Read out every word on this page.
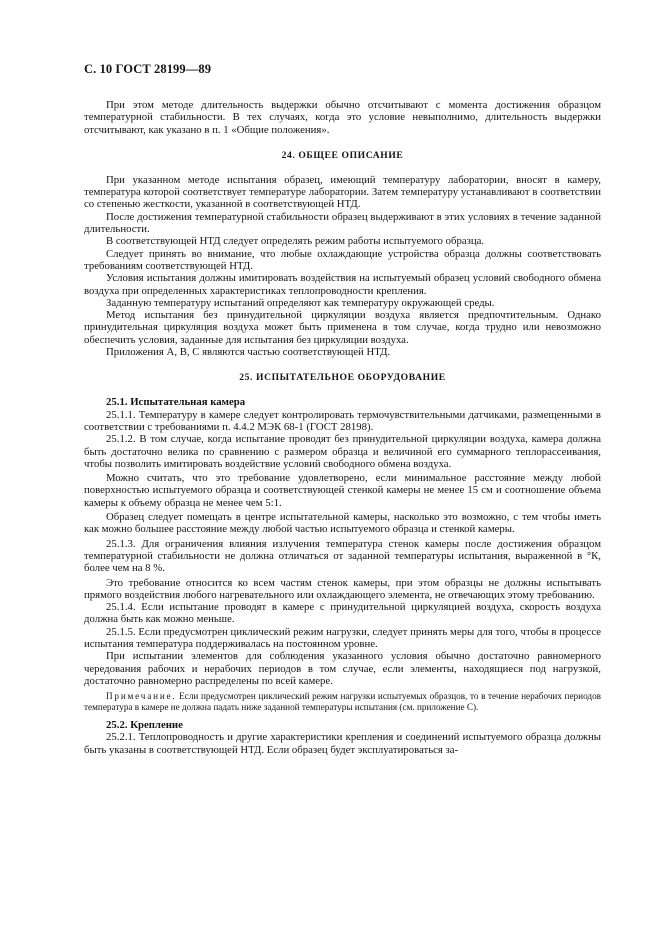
С. 10 ГОСТ 28199—89

При этом методе длительность выдержки обычно отсчитывают с момента достижения образцом температурной стабильности. В тех случаях, когда это условие невыполнимо, длительность выдержки отсчитывают, как указано в п. 1 «Общие положения».

24. ОБЩЕЕ ОПИСАНИЕ

При указанном методе испытания образец, имеющий температуру лаборатории, вносят в камеру, температура которой соответствует температуре лаборатории. Затем температуру устанавливают в соответствии со степенью жесткости, указанной в соответствующей НТД.

После достижения температурной стабильности образец выдерживают в этих условиях в течение заданной длительности.

В соответствующей НТД следует определять режим работы испытуемого образца.

Следует принять во внимание, что любые охлаждающие устройства образца должны соответствовать требованиям соответствующей НТД.

Условия испытания должны имитировать воздействия на испытуемый образец условий свободного обмена воздуха при определенных характеристиках теплопроводности крепления.

Заданную температуру испытаний определяют как температуру окружающей среды.

Метод испытания без принудительной циркуляции воздуха является предпочтительным. Однако принудительная циркуляция воздуха может быть применена в том случае, когда трудно или невозможно обеспечить условия, заданные для испытания без циркуляции воздуха.

Приложения А, В, С являются частью соответствующей НТД.

25. ИСПЫТАТЕЛЬНОЕ ОБОРУДОВАНИЕ
25.1. Испытательная камера

25.1.1. Температуру в камере следует контролировать термочувствительными датчиками, размещенными в соответствии с требованиями п. 4.4.2 МЭК 68-1 (ГОСТ 28198).

25.1.2. В том случае, когда испытание проводят без принудительной циркуляции воздуха, камера должна быть достаточно велика по сравнению с размером образца и величиной его суммарного теплорассеивания, чтобы позволить имитировать воздействие условий свободного обмена воздуха.

Можно считать, что это требование удовлетворено, если минимальное расстояние между любой поверхностью испытуемого образца и соответствующей стенкой камеры не менее 15 см и соотношение объема камеры к объему образца не менее чем 5:1.

Образец следует помещать в центре испытательной камеры, насколько это возможно, с тем чтобы иметь как можно большее расстояние между любой частью испытуемого образца и стенкой камеры.

25.1.3. Для ограничения влияния излучения температура стенок камеры после достижения образцом температурной стабильности не должна отличаться от заданной температуры испытания, выраженной в °К, более чем на 8 %.

Это требование относится ко всем частям стенок камеры, при этом образцы не должны испытывать прямого воздействия любого нагревательного или охлаждающего элемента, не отвечающих этому требованию.

25.1.4. Если испытание проводят в камере с принудительной циркуляцией воздуха, скорость воздуха должна быть как можно меньше.

25.1.5. Если предусмотрен циклический режим нагрузки, следует принять меры для того, чтобы в процессе испытания температура поддерживалась на постоянном уровне.

При испытании элементов для соблюдения указанного условия обычно достаточно равномерного чередования рабочих и нерабочих периодов в том случае, если элементы, находящиеся под нагрузкой, достаточно равномерно распределены по всей камере.

Примечание. Если предусмотрен циклический режим нагрузки испытуемых образцов, то в течение нерабочих периодов температура в камере не должна падать ниже заданной температуры испытания (см. приложение С).
25.2. Крепление

25.2.1. Теплопроводность и другие характеристики крепления и соединений испытуемого образца должны быть указаны в соответствующей НТД. Если образец будет эксплуатироваться за-
